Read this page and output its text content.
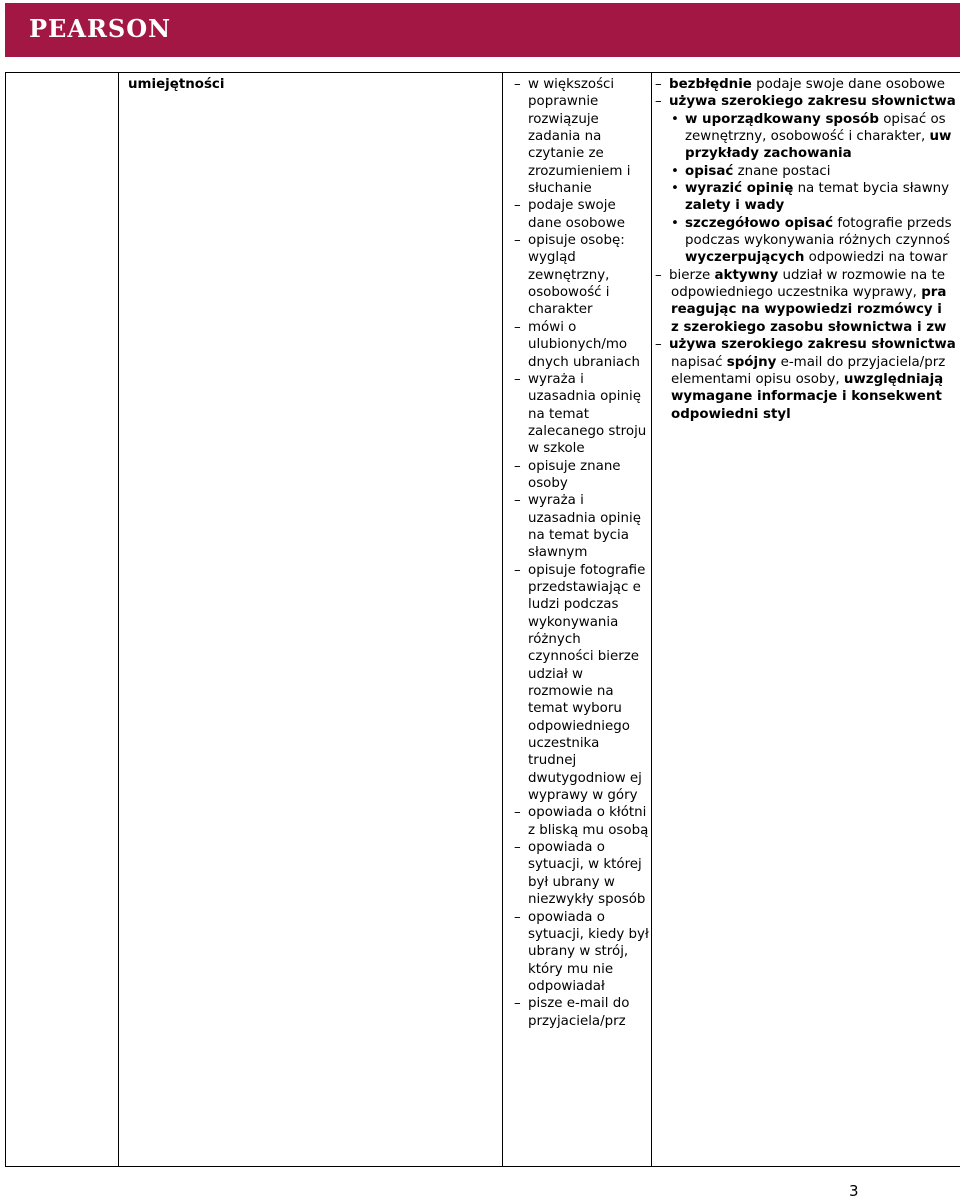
PEARSON
umiejętności	– w większości poprawnie rozwiązuje zadania na czytanie ze zrozumieniem i słuchanie
– podaje swoje dane osobowe
– opisuje osobę: wygląd zewnętrzny, osobowość i charakter
– mówi o ulubionych/mo dnych ubraniach
– wyraża i uzasadnia opinię na temat zalecanego stroju w szkole
– opisuje znane osoby
– wyraża i uzasadnia opinię na temat bycia sławnym
– opisuje fotografie przedstawiając e ludzi podczas wykonywania różnych czynności bierze udział w rozmowie na temat wyboru odpowiedniego uczestnika trudnej dwutygodniow ej wyprawy w góry
– opowiada o kłótni z bliską mu osobą
– opowiada o sytuacji, w której był ubrany w niezwykły sposób
– opowiada o sytuacji, kiedy był ubrany w strój, który mu nie odpowiadał
– pisze e-mail do przyjaciela/prz
– bezbłędnie podaje swoje dane osobowe
– używa szerokiego zakresu słownictwa
• w uporządkowany sposób opisać os
zewnętrzny, osobowość i charakter, uw
przykłady zachowania
• opisać znane postaci
• wyrazić opinię na temat bycia sławny
zalety i wady
• szczegółowo opisać fotografie przeds
podczas wykonywania różnych czynnoś
wyczerpujących odpowiedzi na towar
– bierze aktywny udział w rozmowie na te
odpowiedniego uczestnika wyprawy, pra
reagując na wypowiedzi rozmówcy i
z szerokiego zasobu słownictwa i zw
– używa szerokiego zakresu słownictwa
napisać spójny e-mail do przyjaciela/prz
elementami opisu osoby, uwzględniają
wymagane informacje i konsekwent
odpowiedni styl
3
